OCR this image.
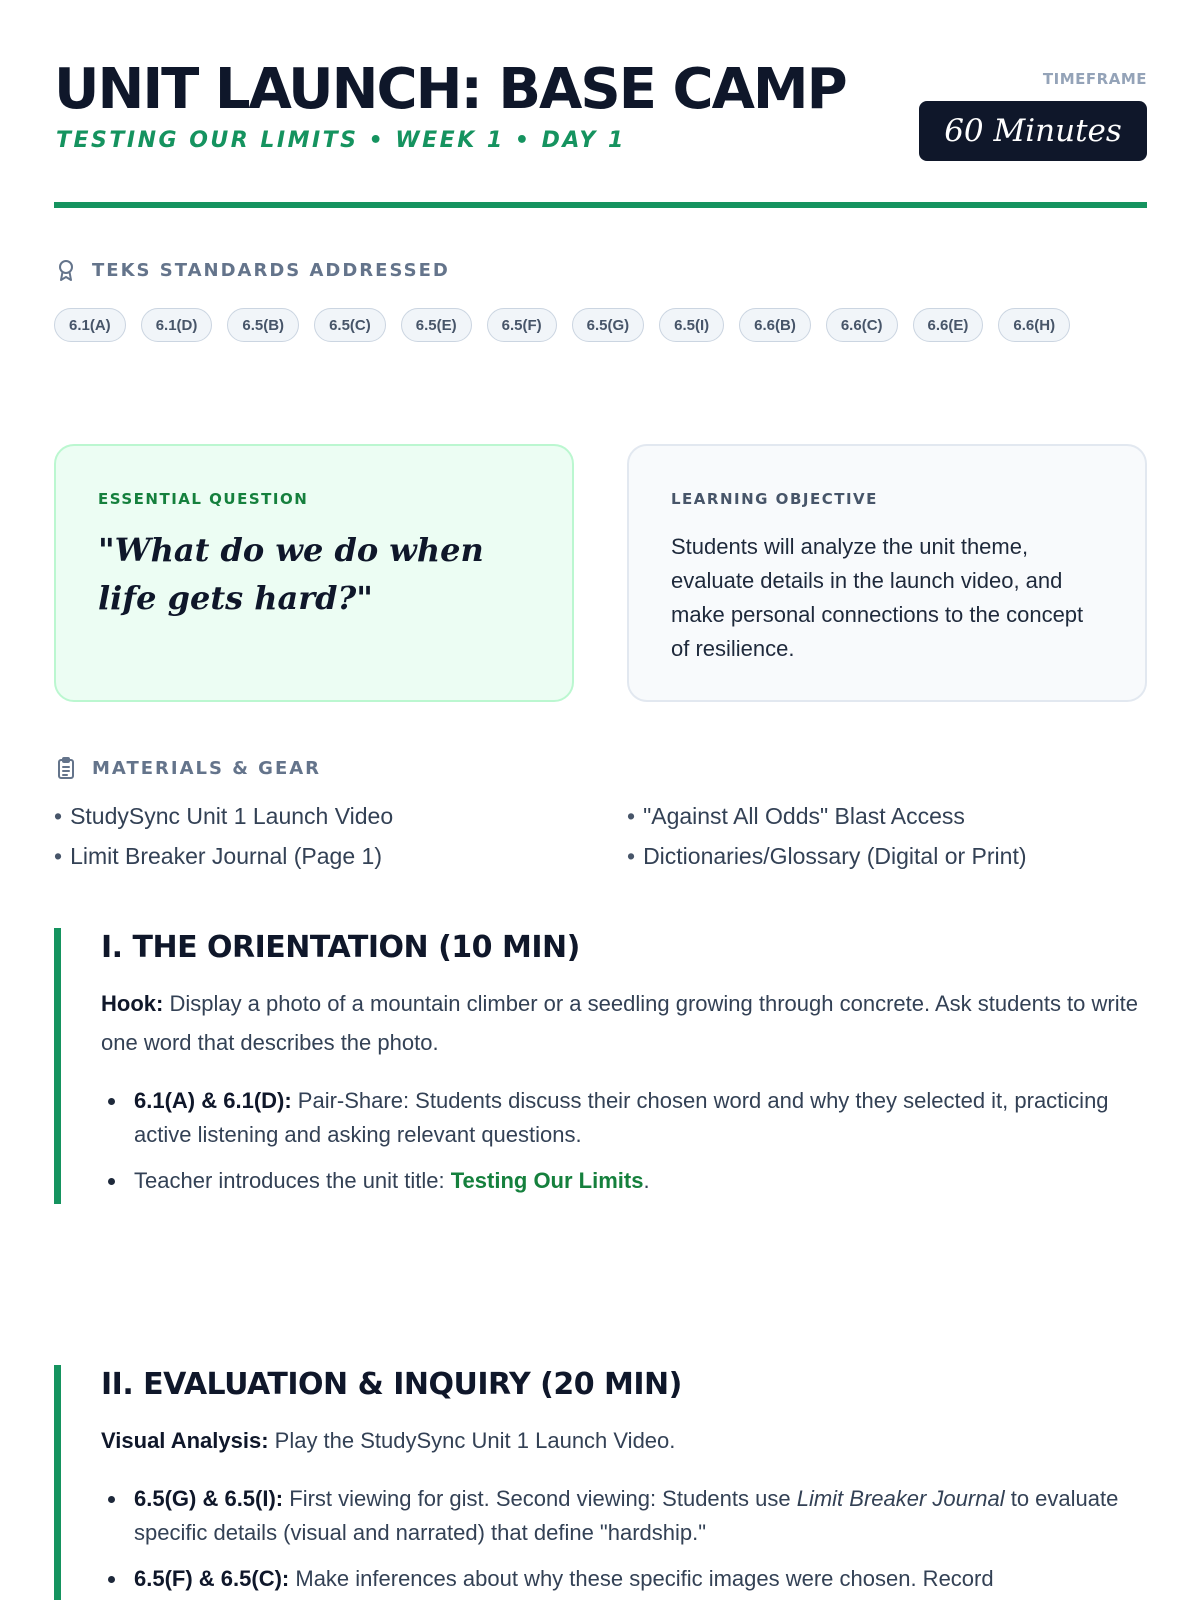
UNIT LAUNCH: BASE CAMP
TESTING OUR LIMITS • WEEK 1 • DAY 1
TIMEFRAME
60 Minutes
TEKS STANDARDS ADDRESSED
6.1(A)	6.1(D)	6.5(B)	6.5(C)	6.5(E)	6.5(F)	6.5(G)	6.5(I)	6.6(B)	6.6(C)	6.6(E)	6.6(H)
ESSENTIAL QUESTION
"What do we do when life gets hard?"
LEARNING OBJECTIVE
Students will analyze the unit theme, evaluate details in the launch video, and make personal connections to the concept of resilience.
MATERIALS & GEAR
• StudySync Unit 1 Launch Video	• "Against All Odds" Blast Access
• Limit Breaker Journal (Page 1)	• Dictionaries/Glossary (Digital or Print)
I. THE ORIENTATION (10 MIN)
Hook: Display a photo of a mountain climber or a seedling growing through concrete. Ask students to write one word that describes the photo.
6.1(A) & 6.1(D): Pair-Share: Students discuss their chosen word and why they selected it, practicing active listening and asking relevant questions.
Teacher introduces the unit title: Testing Our Limits.
II. EVALUATION & INQUIRY (20 MIN)
Visual Analysis: Play the StudySync Unit 1 Launch Video.
6.5(G) & 6.5(I): First viewing for gist. Second viewing: Students use Limit Breaker Journal to evaluate specific details (visual and narrated) that define "hardship."
6.5(F) & 6.5(C): Make inferences about why these specific images were chosen. Record
